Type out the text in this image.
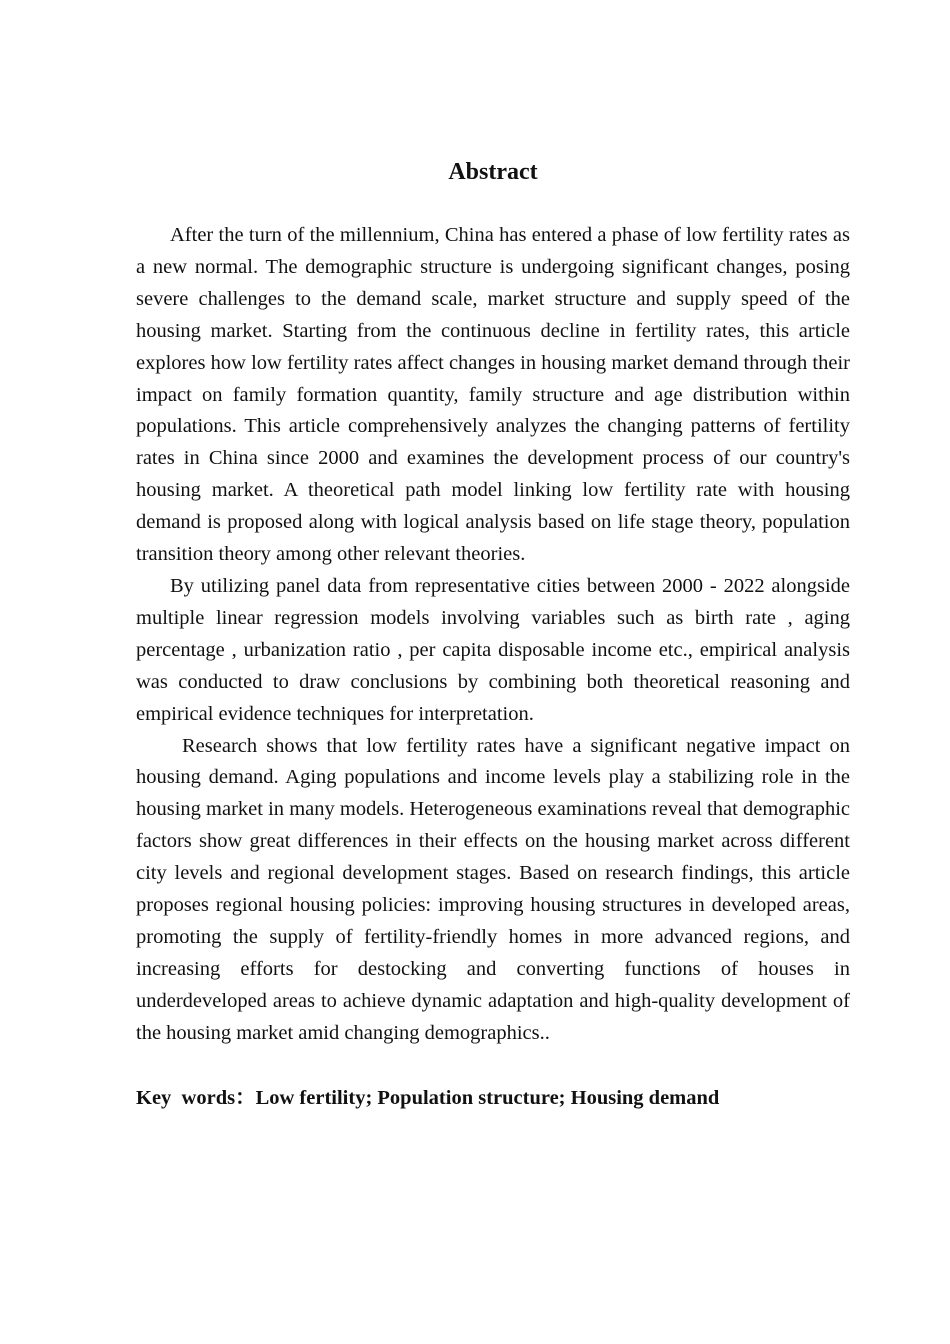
Abstract

After the turn of the millennium, China has entered a phase of low fertility rates as a new normal. The demographic structure is undergoing significant changes, posing severe challenges to the demand scale, market structure and supply speed of the housing market. Starting from the continuous decline in fertility rates, this article explores how low fertility rates affect changes in housing market demand through their impact on family formation quantity, family structure and age distribution within populations. This article comprehensively analyzes the changing patterns of fertility rates in China since 2000 and examines the development process of our country's housing market. A theoretical path model linking low fertility rate with housing demand is proposed along with logical analysis based on life stage theory, population transition theory among other relevant theories.

By utilizing panel data from representative cities between 2000 - 2022 alongside multiple linear regression models involving variables such as birth rate , aging percentage , urbanization ratio , per capita disposable income etc., empirical analysis was conducted to draw conclusions by combining both theoretical reasoning and empirical evidence techniques for interpretation.

Research shows that low fertility rates have a significant negative impact on housing demand. Aging populations and income levels play a stabilizing role in the housing market in many models. Heterogeneous examinations reveal that demographic factors show great differences in their effects on the housing market across different city levels and regional development stages. Based on research findings, this article proposes regional housing policies: improving housing structures in developed areas, promoting the supply of fertility-friendly homes in more advanced regions, and increasing efforts for destocking and converting functions of houses in underdeveloped areas to achieve dynamic adaptation and high-quality development of the housing market amid changing demographics..

Key  words：Low fertility; Population structure; Housing demand
